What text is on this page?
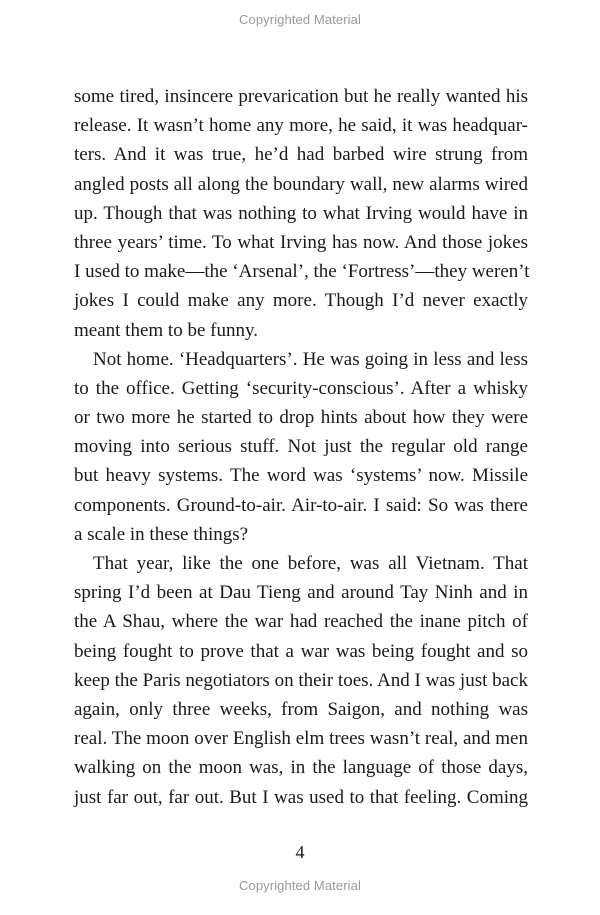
Copyrighted Material
some tired, insincere prevarication but he really wanted his
release. It wasn’t home any more, he said, it was headquar-
ters. And it was true, he’d had barbed wire strung from
angled posts all along the boundary wall, new alarms wired
up. Though that was nothing to what Irving would have in
three years’ time. To what Irving has now. And those jokes
I used to make—the ‘Arsenal’, the ‘Fortress’—they weren’t
jokes I could make any more. Though I’d never exactly
meant them to be funny.
Not home. ‘Headquarters’. He was going in less and less
to the office. Getting ‘security-conscious’. After a whisky
or two more he started to drop hints about how they were
moving into serious stuff. Not just the regular old range
but heavy systems. The word was ‘systems’ now. Missile
components. Ground-to-air. Air-to-air. I said: So was there
a scale in these things?
That year, like the one before, was all Vietnam. That
spring I’d been at Dau Tieng and around Tay Ninh and in
the A Shau, where the war had reached the inane pitch of
being fought to prove that a war was being fought and so
keep the Paris negotiators on their toes. And I was just back
again, only three weeks, from Saigon, and nothing was
real. The moon over English elm trees wasn’t real, and men
walking on the moon was, in the language of those days,
just far out, far out. But I was used to that feeling. Coming
4
Copyrighted Material
